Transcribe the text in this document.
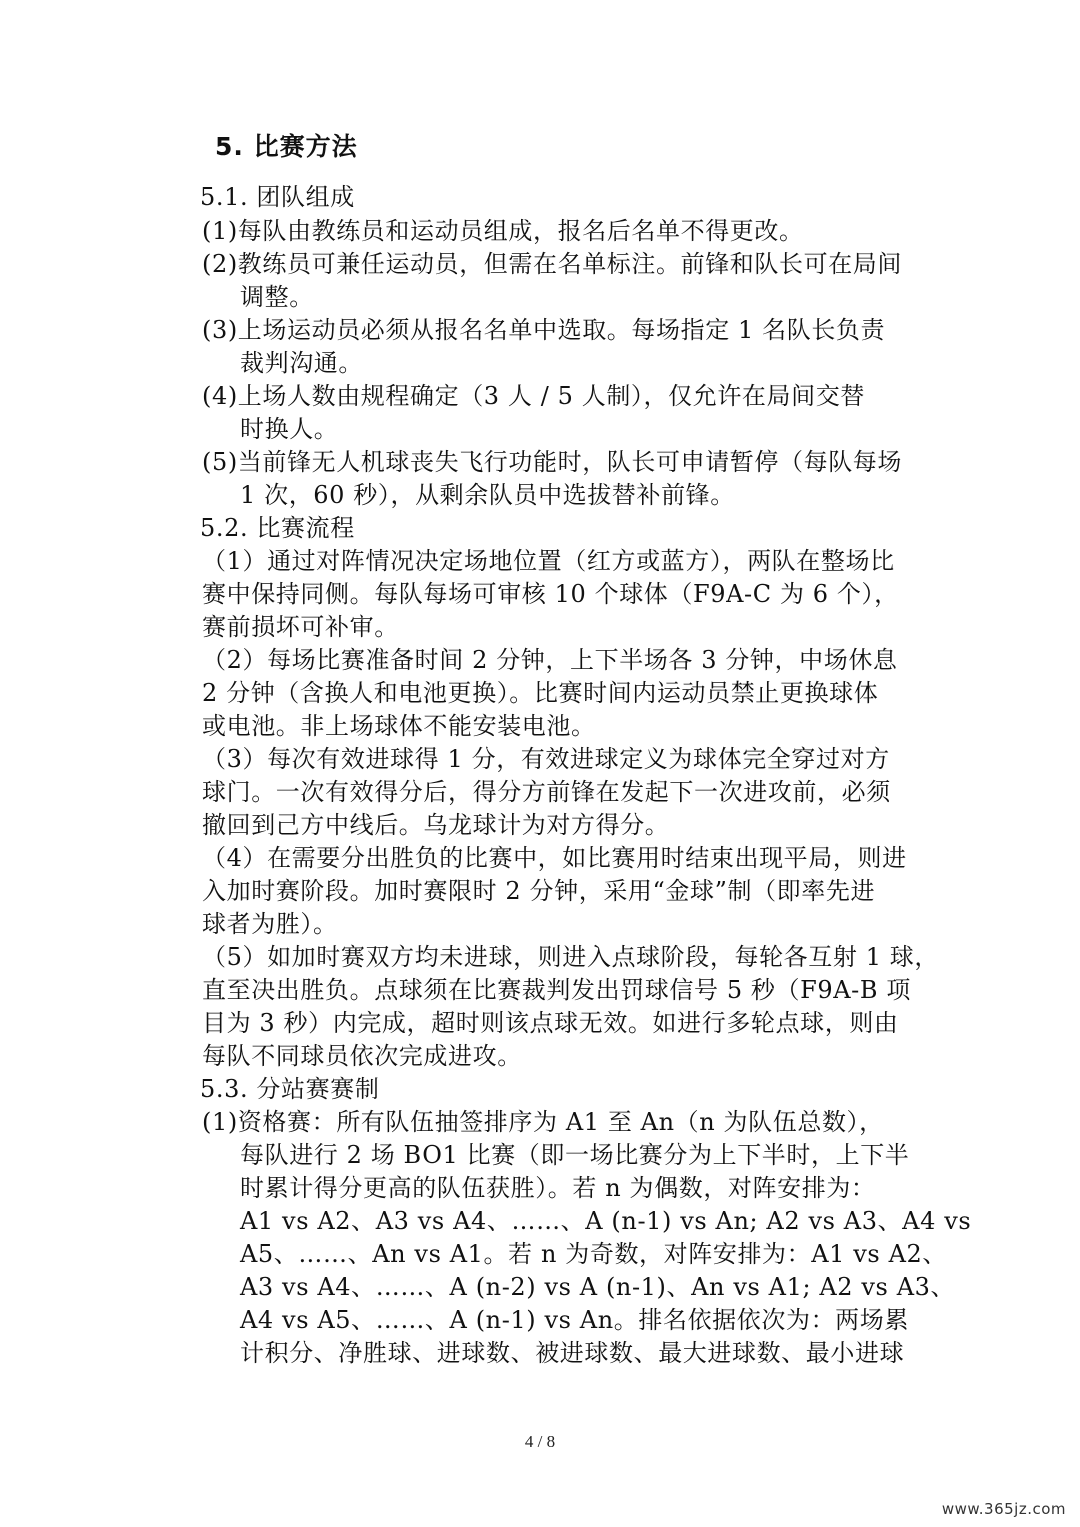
5. 比赛方法

5.1. 团队组成

(1)每队由教练员和运动员组成，报名后名单不得更改。

(2)教练员可兼任运动员，但需在名单标注。前锋和队长可在局间

调整。

(3)上场运动员必须从报名名单中选取。每场指定 1 名队长负责

裁判沟通。

(4)上场人数由规程确定（3 人 / 5 人制），仅允许在局间交替

时换人。

(5)当前锋无人机球丧失飞行功能时，队长可申请暂停（每队每场

1 次，60 秒），从剩余队员中选拔替补前锋。

5.2. 比赛流程

（1）通过对阵情况决定场地位置（红方或蓝方），两队在整场比

赛中保持同侧。每队每场可审核 10 个球体（F9A-C 为 6 个），

赛前损坏可补审。

（2）每场比赛准备时间 2 分钟，上下半场各 3 分钟，中场休息

2 分钟（含换人和电池更换）。比赛时间内运动员禁止更换球体

或电池。非上场球体不能安装电池。

（3）每次有效进球得 1 分，有效进球定义为球体完全穿过对方

球门。一次有效得分后，得分方前锋在发起下一次进攻前，必须

撤回到己方中线后。乌龙球计为对方得分。

（4）在需要分出胜负的比赛中，如比赛用时结束出现平局，则进

入加时赛阶段。加时赛限时 2 分钟，采用“金球”制（即率先进

球者为胜）。

（5）如加时赛双方均未进球，则进入点球阶段，每轮各互射 1 球，

直至决出胜负。点球须在比赛裁判发出罚球信号 5 秒（F9A-B 项

目为 3 秒）内完成，超时则该点球无效。如进行多轮点球，则由

每队不同球员依次完成进攻。

5.3. 分站赛赛制

(1)资格赛：所有队伍抽签排序为 A1 至 An（n 为队伍总数），

每队进行 2 场 BO1 比赛（即一场比赛分为上下半时，上下半

时累计得分更高的队伍获胜）。若 n 为偶数，对阵安排为：

A1 vs A2、A3 vs A4、……、A (n-1) vs An; A2 vs A3、A4 vs

A5、……、An vs A1。若 n 为奇数，对阵安排为：A1 vs A2、

A3 vs A4、……、A (n-2) vs A (n-1)、An vs A1; A2 vs A3、

A4 vs A5、……、A (n-1) vs An。排名依据依次为：两场累

计积分、净胜球、进球数、被进球数、最大进球数、最小进球

4 / 8
www.365jz.com
